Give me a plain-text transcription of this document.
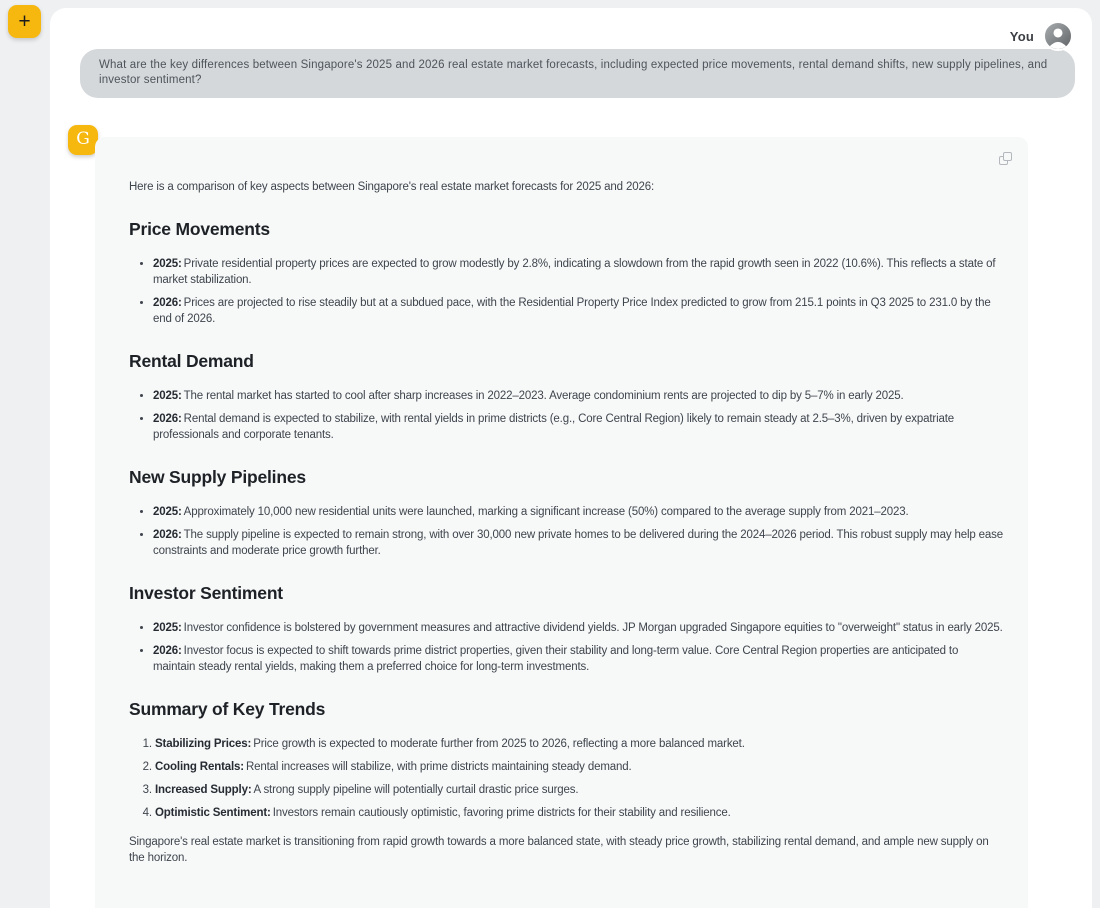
+
You
What are the key differences between Singapore's 2025 and 2026 real estate market forecasts, including expected price movements, rental demand shifts, new supply pipelines, and investor sentiment?
G

Here is a comparison of key aspects between Singapore's real estate market forecasts for 2025 and 2026:

Price Movements
• 2025: Private residential property prices are expected to grow modestly by 2.8%, indicating a slowdown from the rapid growth seen in 2022 (10.6%). This reflects a state of market stabilization.
• 2026: Prices are projected to rise steadily but at a subdued pace, with the Residential Property Price Index predicted to grow from 215.1 points in Q3 2025 to 231.0 by the end of 2026.
Rental Demand
• 2025: The rental market has started to cool after sharp increases in 2022–2023. Average condominium rents are projected to dip by 5–7% in early 2025.
• 2026: Rental demand is expected to stabilize, with rental yields in prime districts (e.g., Core Central Region) likely to remain steady at 2.5–3%, driven by expatriate professionals and corporate tenants.
New Supply Pipelines
• 2025: Approximately 10,000 new residential units were launched, marking a significant increase (50%) compared to the average supply from 2021–2023.
• 2026: The supply pipeline is expected to remain strong, with over 30,000 new private homes to be delivered during the 2024–2026 period. This robust supply may help ease constraints and moderate price growth further.
Investor Sentiment
• 2025: Investor confidence is bolstered by government measures and attractive dividend yields. JP Morgan upgraded Singapore equities to "overweight" status in early 2025.
• 2026: Investor focus is expected to shift towards prime district properties, given their stability and long-term value. Core Central Region properties are anticipated to maintain steady rental yields, making them a preferred choice for long-term investments.
Summary of Key Trends
1. Stabilizing Prices: Price growth is expected to moderate further from 2025 to 2026, reflecting a more balanced market.
2. Cooling Rentals: Rental increases will stabilize, with prime districts maintaining steady demand.
3. Increased Supply: A strong supply pipeline will potentially curtail drastic price surges.
4. Optimistic Sentiment: Investors remain cautiously optimistic, favoring prime districts for their stability and resilience.

Singapore's real estate market is transitioning from rapid growth towards a more balanced state, with steady price growth, stabilizing rental demand, and ample new supply on the horizon.
